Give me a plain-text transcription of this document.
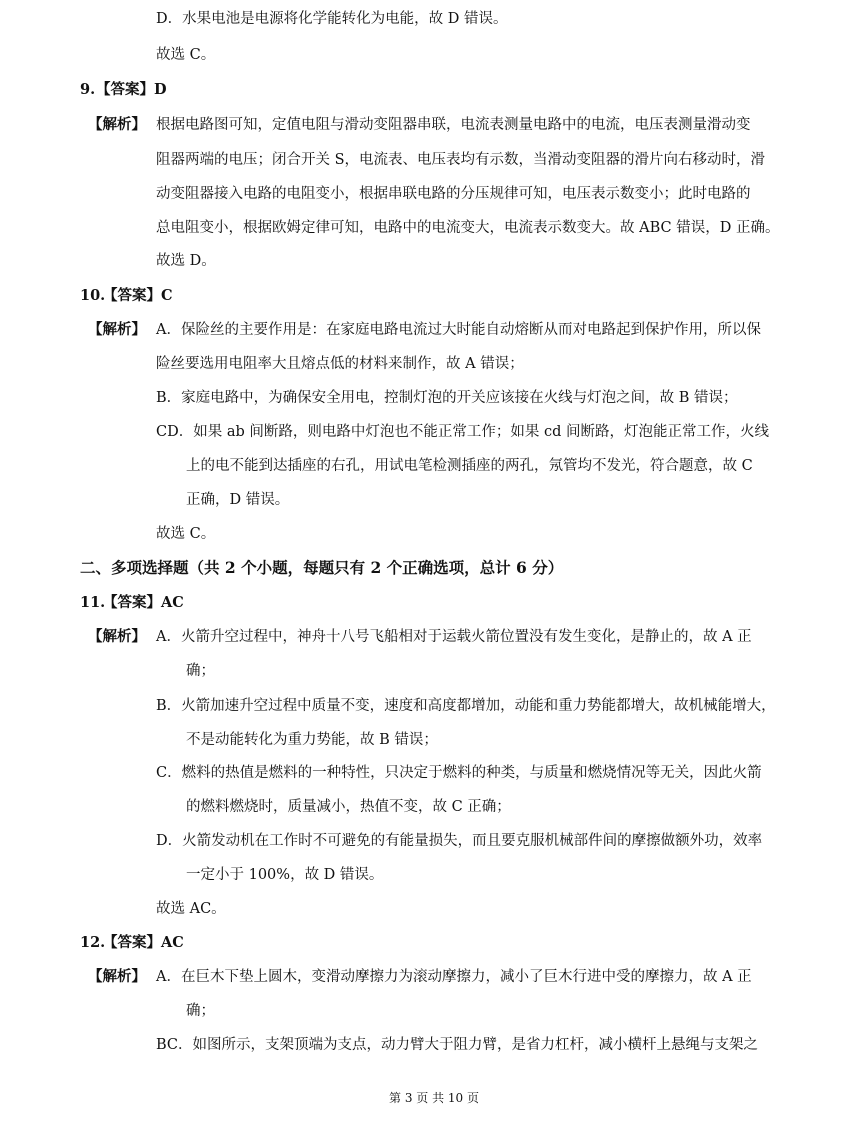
D．水果电池是电源将化学能转化为电能，故 D 错误。
故选 C。
9. 【答案】D
【解析】 根据电路图可知，定值电阻与滑动变阻器串联，电流表测量电路中的电流，电压表测量滑动变
阻器两端的电压；闭合开关 S，电流表、电压表均有示数，当滑动变阻器的滑片向右移动时，滑
动变阻器接入电路的电阻变小，根据串联电路的分压规律可知，电压表示数变小；此时电路的
总电阻变小，根据欧姆定律可知，电路中的电流变大，电流表示数变大。故 ABC 错误，D 正确。
故选 D。
10.
【答案】C
【解析】 A．保险丝的主要作用是：在家庭电路电流过大时能自动熔断从而对电路起到保护作用，所以保
险丝要选用电阻率大且熔点低的材料来制作，故 A 错误；
B．家庭电路中，为确保安全用电，控制灯泡的开关应该接在火线与灯泡之间，故 B 错误；
CD．如果 ab 间断路，则电路中灯泡也不能正常工作；如果 cd 间断路，灯泡能正常工作，火线
上的电不能到达插座的右孔，用试电笔检测插座的两孔，氖管均不发光，符合题意，故 C
正确，D 错误。
故选 C。
二、多项选择题（共 2 个小题，每题只有 2 个正确选项，总计 6 分）
11.
【答案】AC
【解析】 A．火箭升空过程中，神舟十八号飞船相对于运载火箭位置没有发生变化，是静止的，故 A 正
确；
B．火箭加速升空过程中质量不变，速度和高度都增加，动能和重力势能都增大，故机械能增大，
不是动能转化为重力势能，故 B 错误；
C．燃料的热值是燃料的一种特性，只决定于燃料的种类，与质量和燃烧情况等无关，因此火箭
的燃料燃烧时，质量减小，热值不变，故 C 正确；
D．火箭发动机在工作时不可避免的有能量损失，而且要克服机械部件间的摩擦做额外功，效率
一定小于 100%，故 D 错误。
故选 AC。
12.
【答案】AC
【解析】 A．在巨木下垫上圆木，变滑动摩擦力为滚动摩擦力，减小了巨木行进中受的摩擦力，故 A 正
确；
BC．如图所示，支架顶端为支点，动力臂大于阻力臂，是省力杠杆，减小横杆上悬绳与支架之
第 3 页 共 10 页
